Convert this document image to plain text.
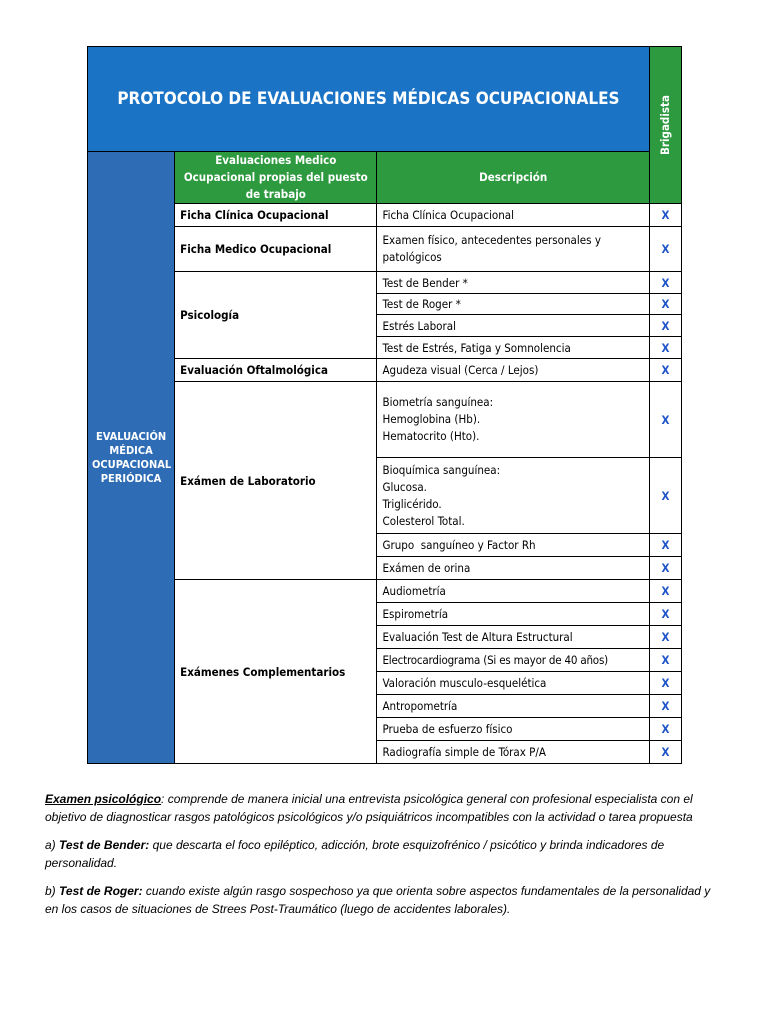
PROTOCOLO DE EVALUACIONES MÉDICAS OCUPACIONALES			Brigadista

EVALUACIÓN MÉDICA OCUPACIONAL PERIÓDICA	Evaluaciones Medico Ocupacional propias del puesto de trabajo	Descripción	
	Ficha Clínica Ocupacional	Ficha Clínica Ocupacional	X
	Ficha Medico Ocupacional	Examen físico, antecedentes personales y patológicos	X
	Psicología	Test de Bender *	X
		Test de Roger *	X
		Estrés Laboral	X
		Test de Estrés, Fatiga y Somnolencia	X
	Evaluación Oftalmológica	Agudeza visual (Cerca / Lejos)	X
	Exámen de Laboratorio	Biometría sanguínea:
Hemoglobina (Hb).
Hematocrito (Hto).	X
		Bioquímica sanguínea:
Glucosa.
Triglicérido.
Colesterol Total.	X
		Grupo  sanguíneo y Factor Rh	X
		Exámen de orina	X
	Exámenes Complementarios	Audiometría	X
		Espirometría	X
		Evaluación Test de Altura Estructural	X
		Electrocardiograma (Si es mayor de 40 años)	X
		Valoración musculo-esquelética	X
		Antropometría	X
		Prueba de esfuerzo físico	X
		Radiografía simple de Tórax P/A	X

Examen psicológico: comprende de manera inicial una entrevista psicológica general con profesional especialista con el objetivo de diagnosticar rasgos patológicos psicológicos y/o psiquiátricos incompatibles con la actividad o tarea propuesta

a) Test de Bender: que descarta el foco epiléptico, adicción, brote esquizofrénico / psicótico y brinda indicadores de personalidad.

b) Test de Roger: cuando existe algún rasgo sospechoso ya que orienta sobre aspectos fundamentales de la personalidad y en los casos de situaciones de Strees Post-Traumático (luego de accidentes laborales).
